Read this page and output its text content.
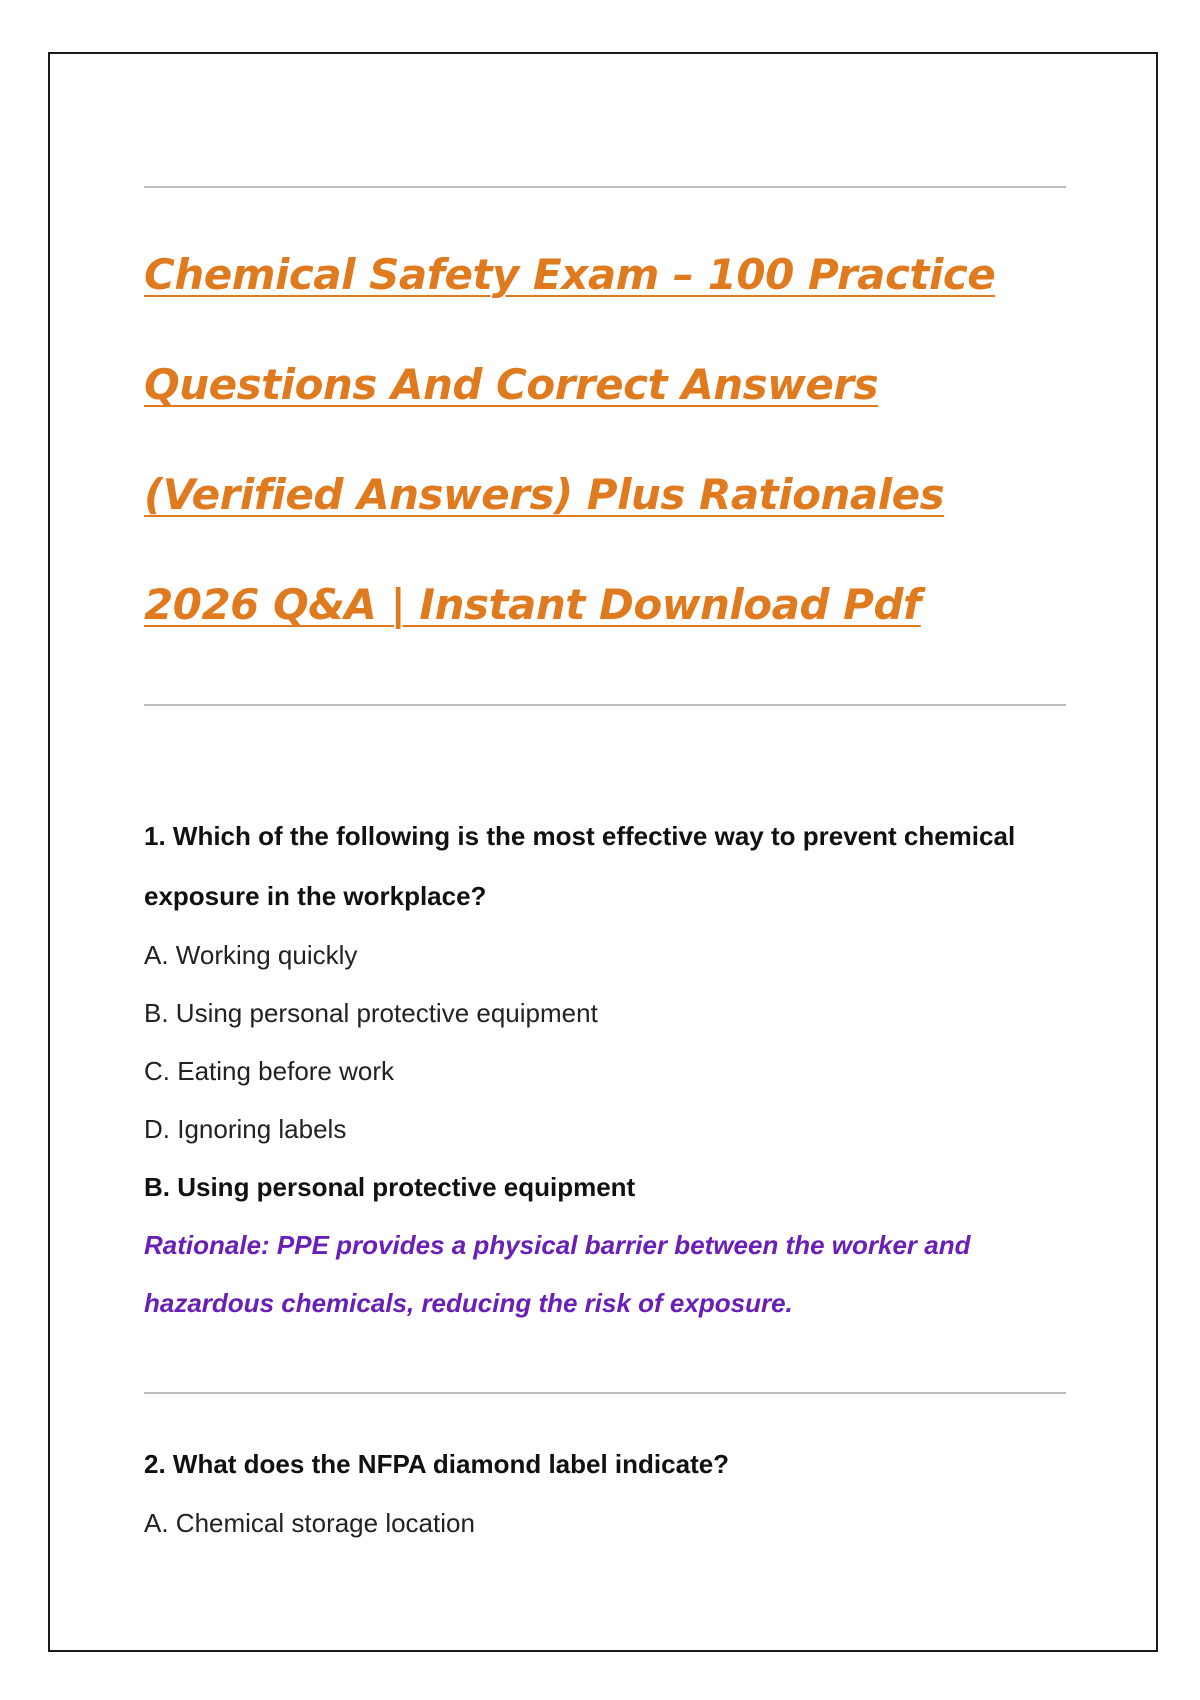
Chemical Safety Exam – 100 Practice Questions And Correct Answers (Verified Answers) Plus Rationales 2026 Q&A | Instant Download Pdf

1. Which of the following is the most effective way to prevent chemical exposure in the workplace?

A. Working quickly

B. Using personal protective equipment

C. Eating before work

D. Ignoring labels

B. Using personal protective equipment

Rationale: PPE provides a physical barrier between the worker and hazardous chemicals, reducing the risk of exposure.

2. What does the NFPA diamond label indicate?

A. Chemical storage location
